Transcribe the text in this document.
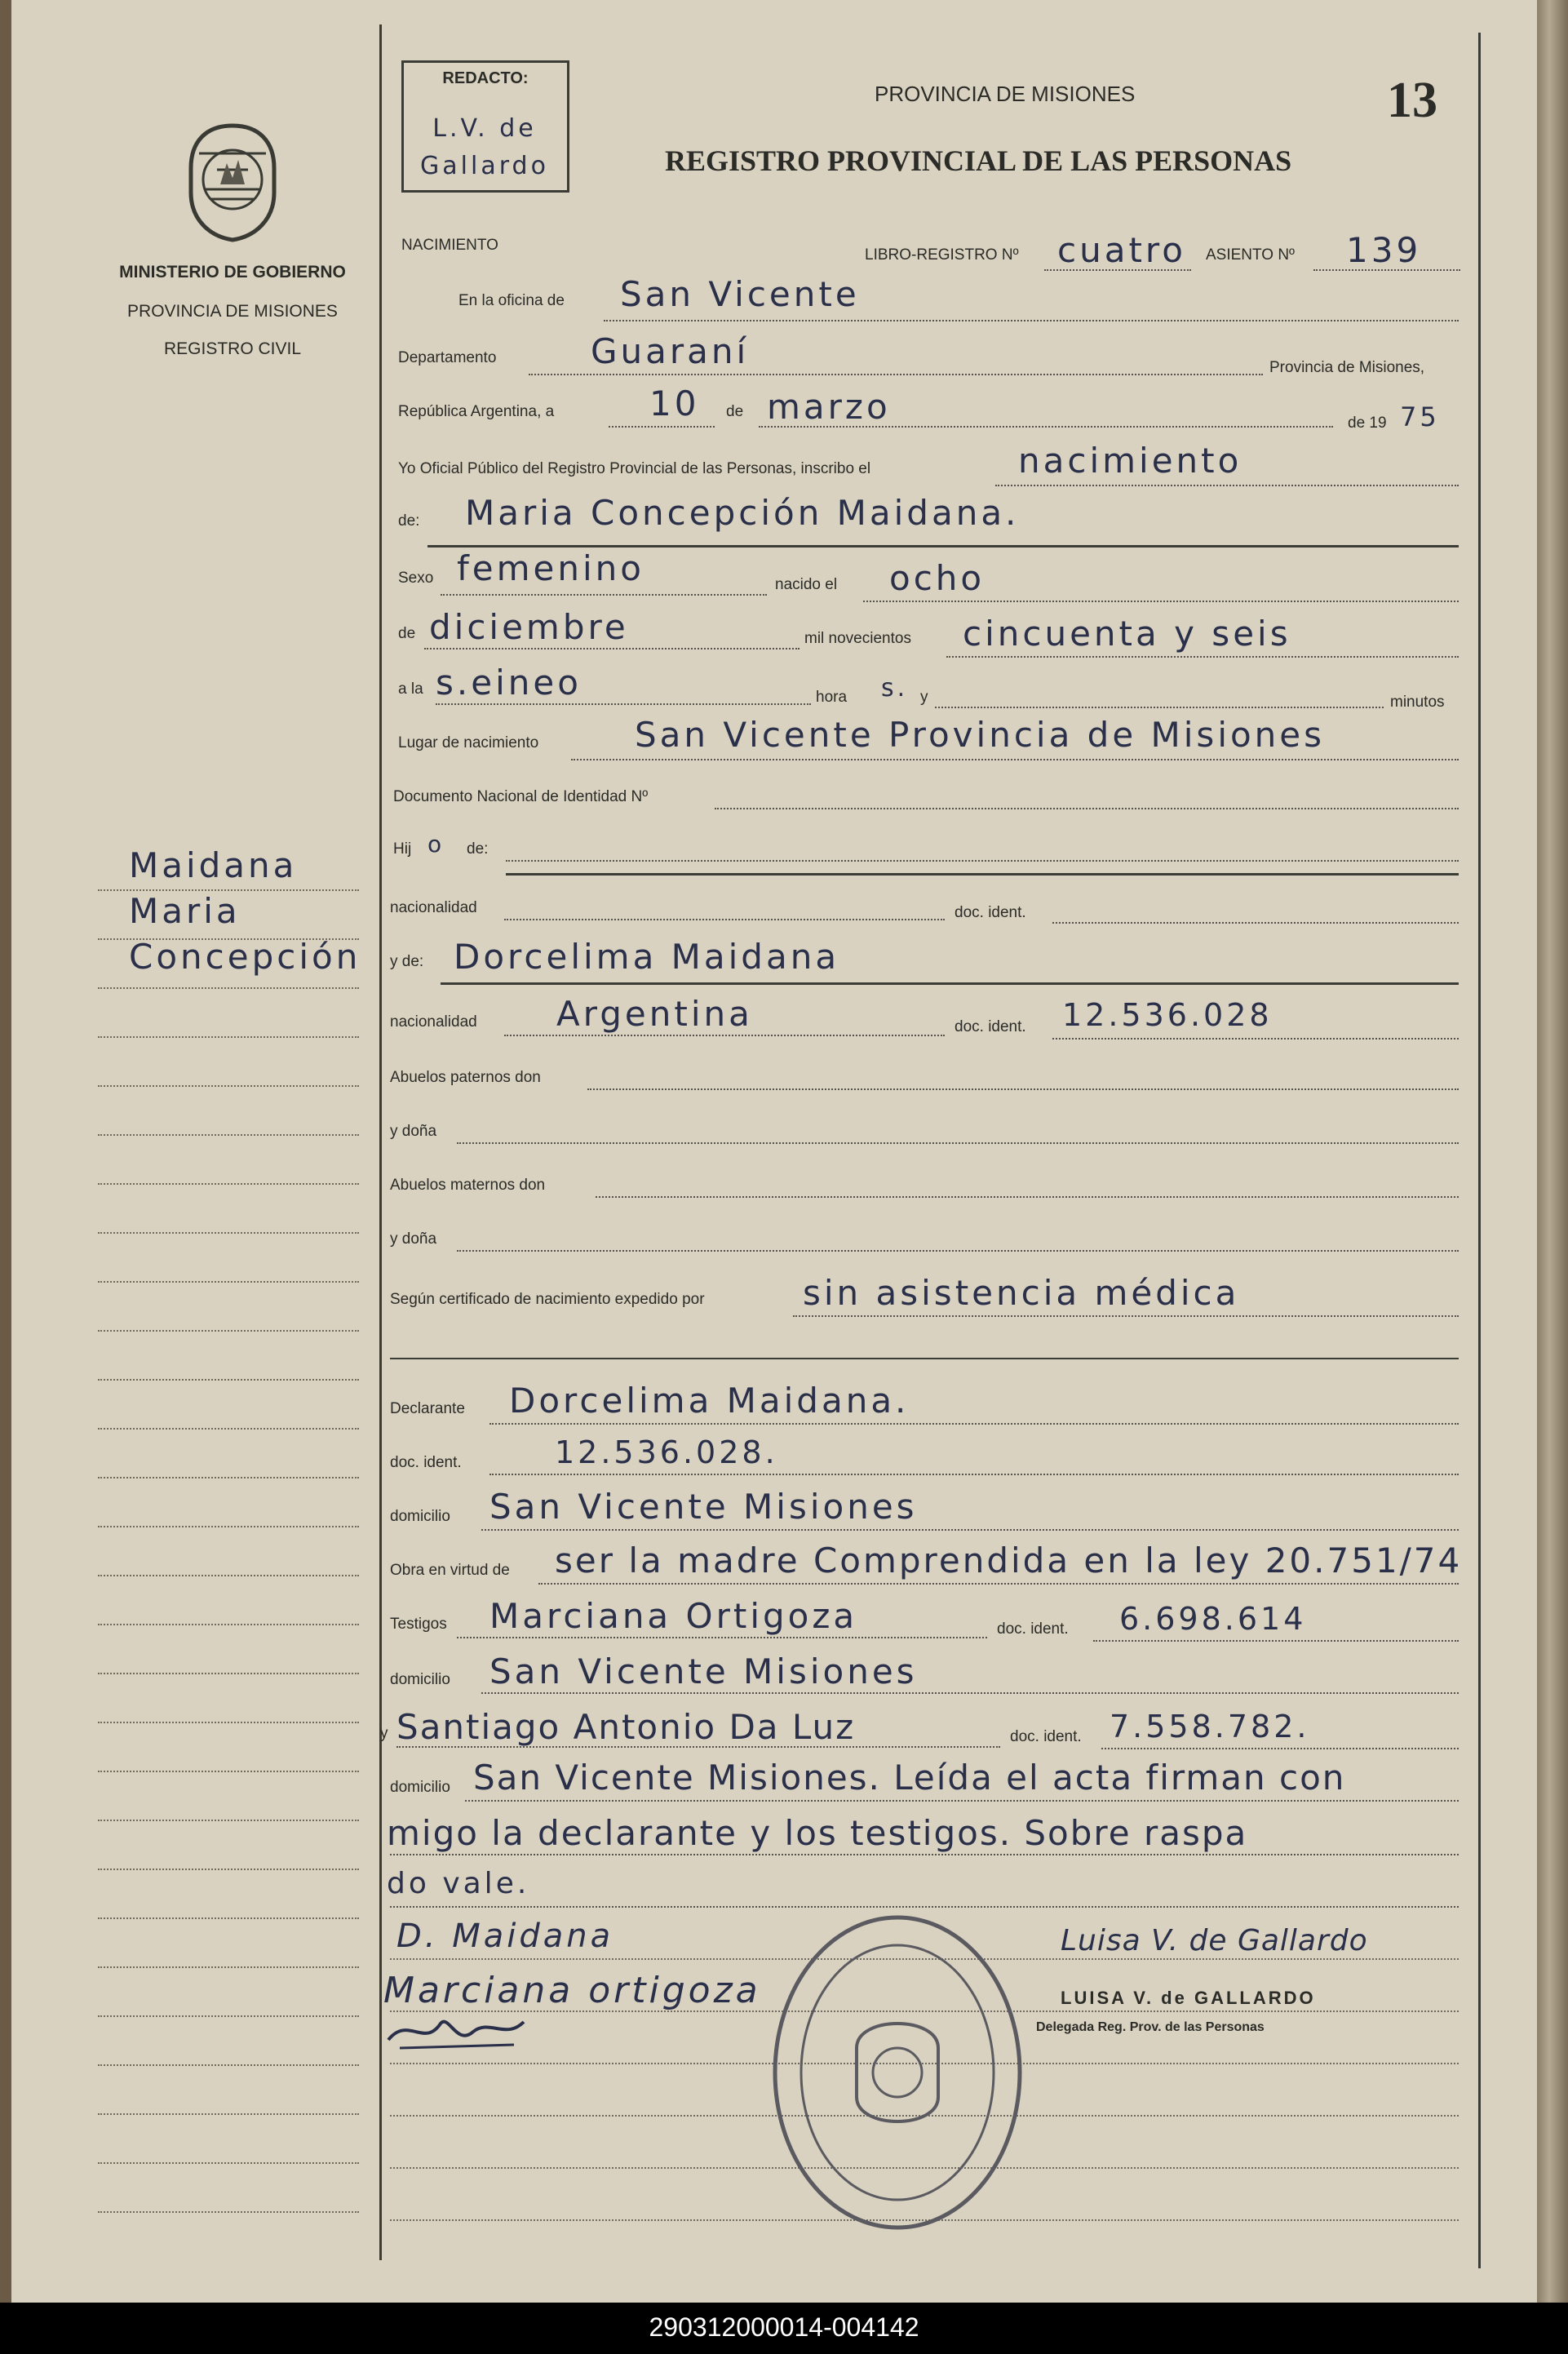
MINISTERIO DE GOBIERNO
PROVINCIA DE MISIONES
REGISTRO CIVIL
Maidana
Maria
Concepción
REDACTO:
L.V. de Gallardo
PROVINCIA DE MISIONES
REGISTRO PROVINCIAL DE LAS PERSONAS
13
NACIMIENTO
LIBRO-REGISTRO Nº cuatro ASIENTO Nº 139
En la oficina de San Vicente
Departamento	Guaraní	Provincia de Misiones,
República Argentina, a	10 de marzo	de 19 75
Yo Oficial Público del Registro Provincial de las Personas, inscribo el	nacimiento
de: Maria Concepción Maidana.
Sexo femenino	nacido el ocho
de diciembre	mil novecientos cincuenta y seis
a la s.eineo	hora s. y	minutos
Lugar de nacimiento	San Vicente Provincia de Misiones
Documento Nacional de Identidad Nº
Hij o de:
nacionalidad	doc. ident.
y de: Dorcelima Maidana
nacionalidad Argentina	doc. ident. 12.536.028
Abuelos paternos don
y doña
Abuelos maternos don
y doña
Según certificado de nacimiento expedido por	sin asistencia médica
Declarante Dorcelima Maidana.
doc. ident.	12.536.028.
domicilio San Vicente Misiones
Obra en virtud de ser la madre Comprendida en la ley 20.751/74
Testigos Marciana Ortigoza	doc. ident. 6.698.614
domicilio San Vicente Misiones
y Santiago Antonio Da Luz	doc. ident. 7.558.782.
domicilio San Vicente Misiones. Leída el acta firman con
migo la declarante y los testigos. Sobre raspa
do vale.
D. Maidana
Marciana ortigoza
Luisa V. de Gallardo
LUISA V. de GALLARDO
Delegada Reg. Prov. de las Personas
290312000014-004142
